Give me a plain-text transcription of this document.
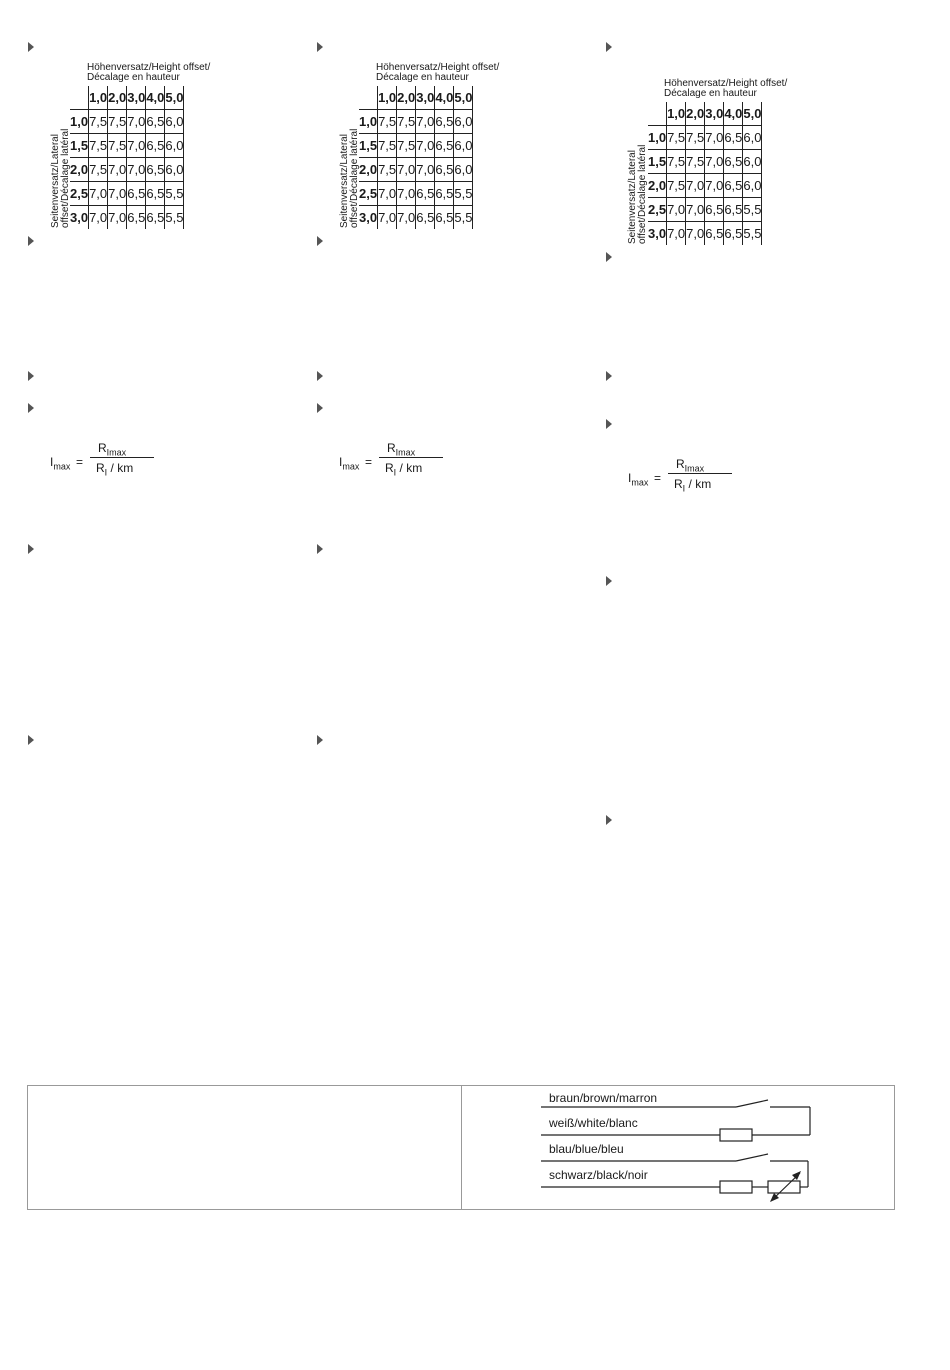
Höhenversatz/Height offset/
Décalage en hauteur
Seitenversatz/Lateral offset/Décalage latéral
	1,0	2,0	3,0	4,0	5,0
1,0	7,5	7,5	7,0	6,5	6,0
1,5	7,5	7,5	7,0	6,5	6,0
2,0	7,5	7,0	7,0	6,5	6,0
2,5	7,0	7,0	6,5	6,5	5,5
3,0	7,0	7,0	6,5	6,5	5,5
Höhenversatz/Height offset/
Décalage en hauteur
Seitenversatz/Lateral offset/Décalage latéral
	1,0	2,0	3,0	4,0	5,0
1,0	7,5	7,5	7,0	6,5	6,0
1,5	7,5	7,5	7,0	6,5	6,0
2,0	7,5	7,0	7,0	6,5	6,0
2,5	7,0	7,0	6,5	6,5	5,5
3,0	7,0	7,0	6,5	6,5	5,5
Höhenversatz/Height offset/
Décalage en hauteur
Seitenversatz/Lateral offset/Décalage latéral
	1,0	2,0	3,0	4,0	5,0
1,0	7,5	7,5	7,0	6,5	6,0
1,5	7,5	7,5	7,0	6,5	6,0
2,0	7,5	7,0	7,0	6,5	6,0
2,5	7,0	7,0	6,5	6,5	5,5
3,0	7,0	7,0	6,5	6,5	5,5
$I_{max}$ =
$R_{Imax}$
$R_I$ / km	$I_{max}$ =
$R_{Imax}$
$R_I$ / km
$I_{max}$ =
$R_{Imax}$
$R_I$ / km
braun/brown/marron
weiß/white/blanc
blau/blue/bleu
schwarz/black/noir
